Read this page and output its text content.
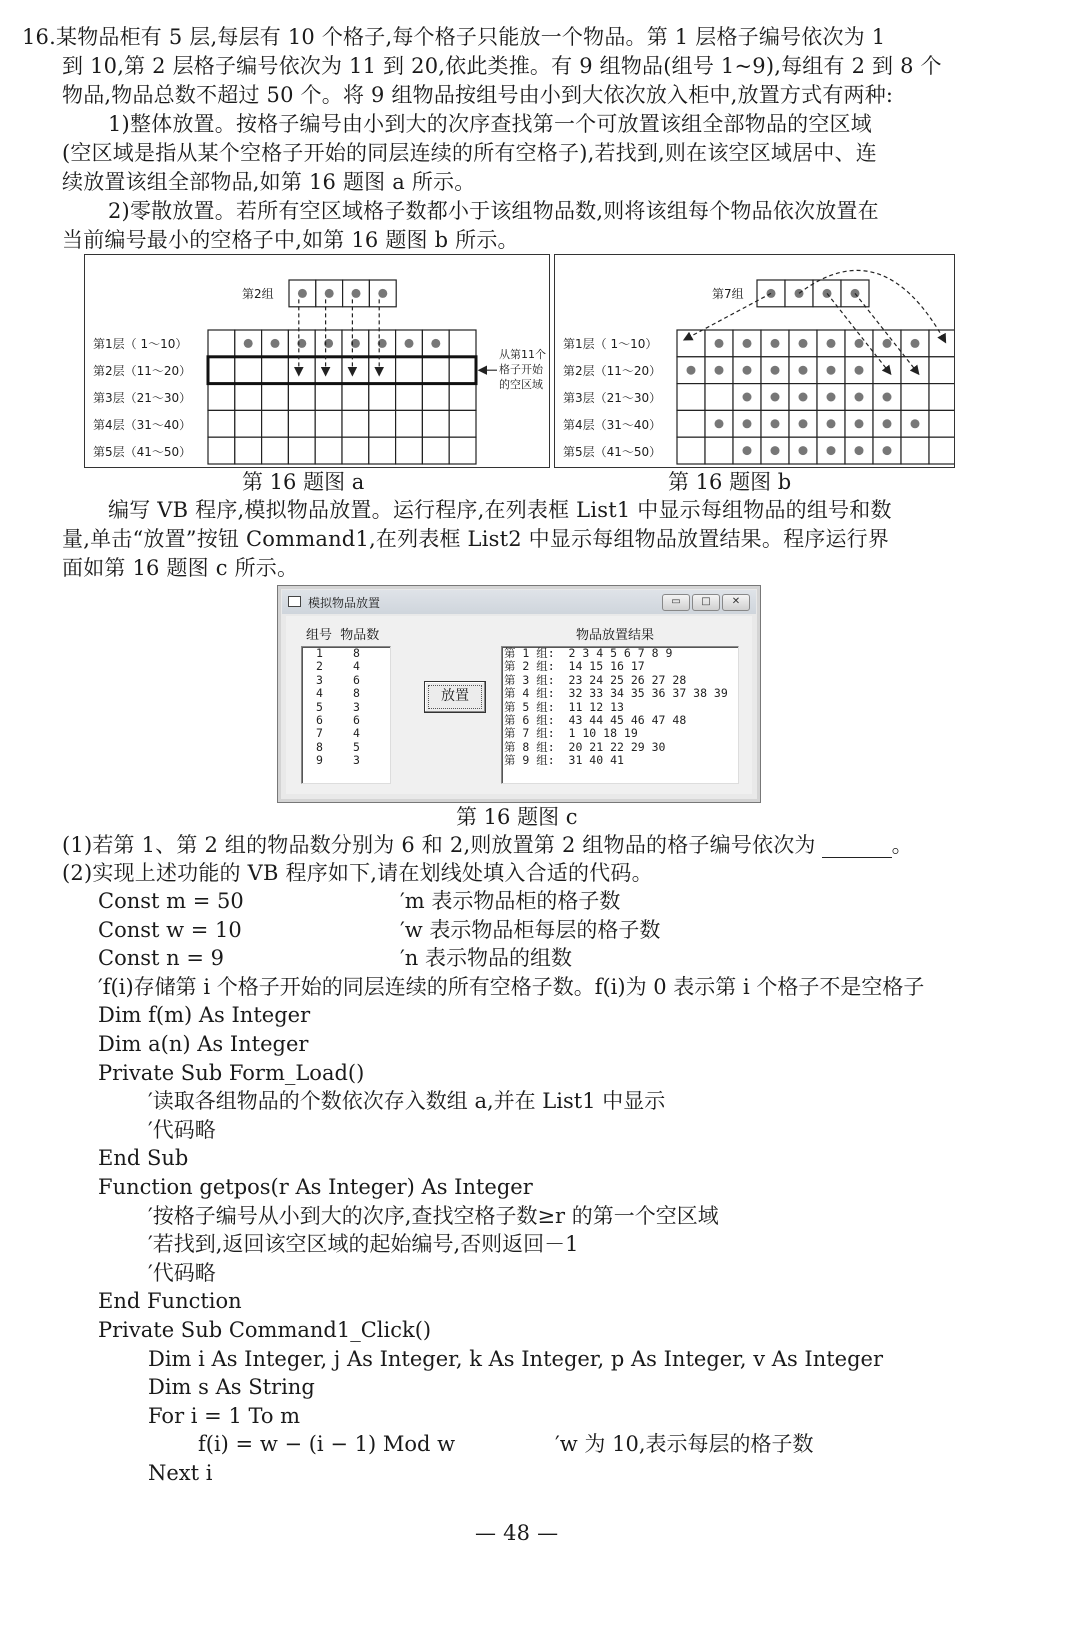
16.某物品柜有 5 层,每层有 10 个格子,每个格子只能放一个物品。第 1 层格子编号依次为 1
到 10,第 2 层格子编号依次为 11 到 20,依此类推。有 9 组物品(组号 1~9),每组有 2 到 8 个
物品,物品总数不超过 50 个。将 9 组物品按组号由小到大依次放入柜中,放置方式有两种:
1)整体放置。按格子编号由小到大的次序查找第一个可放置该组全部物品的空区域
(空区域是指从某个空格子开始的同层连续的所有空格子),若找到,则在该空区域居中、连
续放置该组全部物品,如第 16 题图 a 所示。
2)零散放置。若所有空区域格子数都小于该组物品数,则将该组每个物品依次放置在
当前编号最小的空格子中,如第 16 题图 b 所示。
第2组
第1层（ 1～10）
第2层（11～20）
第3层（21～30）
第4层（31～40）
第5层（41～50）
从第11个
格子开始
的空区域
第 16 题图 a
第7组
第1层（ 1～10）
第2层（11～20）
第3层（21～30）
第4层（31～40）
第5层（41～50）
第 16 题图 b
编写 VB 程序,模拟物品放置。运行程序,在列表框 List1 中显示每组物品的组号和数
量,单击“放置”按钮 Command1,在列表框 List2 中显示每组物品放置结果。程序运行界
面如第 16 题图 c 所示。
模拟物品放置	▭	□	✕
组号  物品数
1	8
2	4
3	6
4	8
5	3
6	6
7	4
8	5
9	3
放置
物品放置结果
第 1 组:  2 3 4 5 6 7 8 9
第 2 组:  14 15 16 17
第 3 组:  23 24 25 26 27 28
第 4 组:  32 33 34 35 36 37 38 39
第 5 组:  11 12 13
第 6 组:  43 44 45 46 47 48
第 7 组:  1 10 18 19
第 8 组:  20 21 22 29 30
第 9 组:  31 40 41
第 16 题图 c
(1)若第 1、第 2 组的物品数分别为 6 和 2,则放置第 2 组物品的格子编号依次为	。
(2)实现上述功能的 VB 程序如下,请在划线处填入合适的代码。
Const m = 50	′m 表示物品柜的格子数
Const w = 10	′w 表示物品柜每层的格子数
Const n = 9	′n 表示物品的组数
′f(i)存储第 i 个格子开始的同层连续的所有空格子数。f(i)为 0 表示第 i 个格子不是空格子
Dim f(m) As Integer
Dim a(n) As Integer
Private Sub Form_Load()
′读取各组物品的个数依次存入数组 a,并在 List1 中显示
′代码略
End Sub
Function getpos(r As Integer) As Integer
′按格子编号从小到大的次序,查找空格子数≥r 的第一个空区域
′若找到,返回该空区域的起始编号,否则返回－1
′代码略
End Function
Private Sub Command1_Click()
Dim i As Integer, j As Integer, k As Integer, p As Integer, v As Integer
Dim s As String
For i = 1 To m
f(i) = w − (i − 1) Mod w	′w 为 10,表示每层的格子数
Next i
— 48 —
